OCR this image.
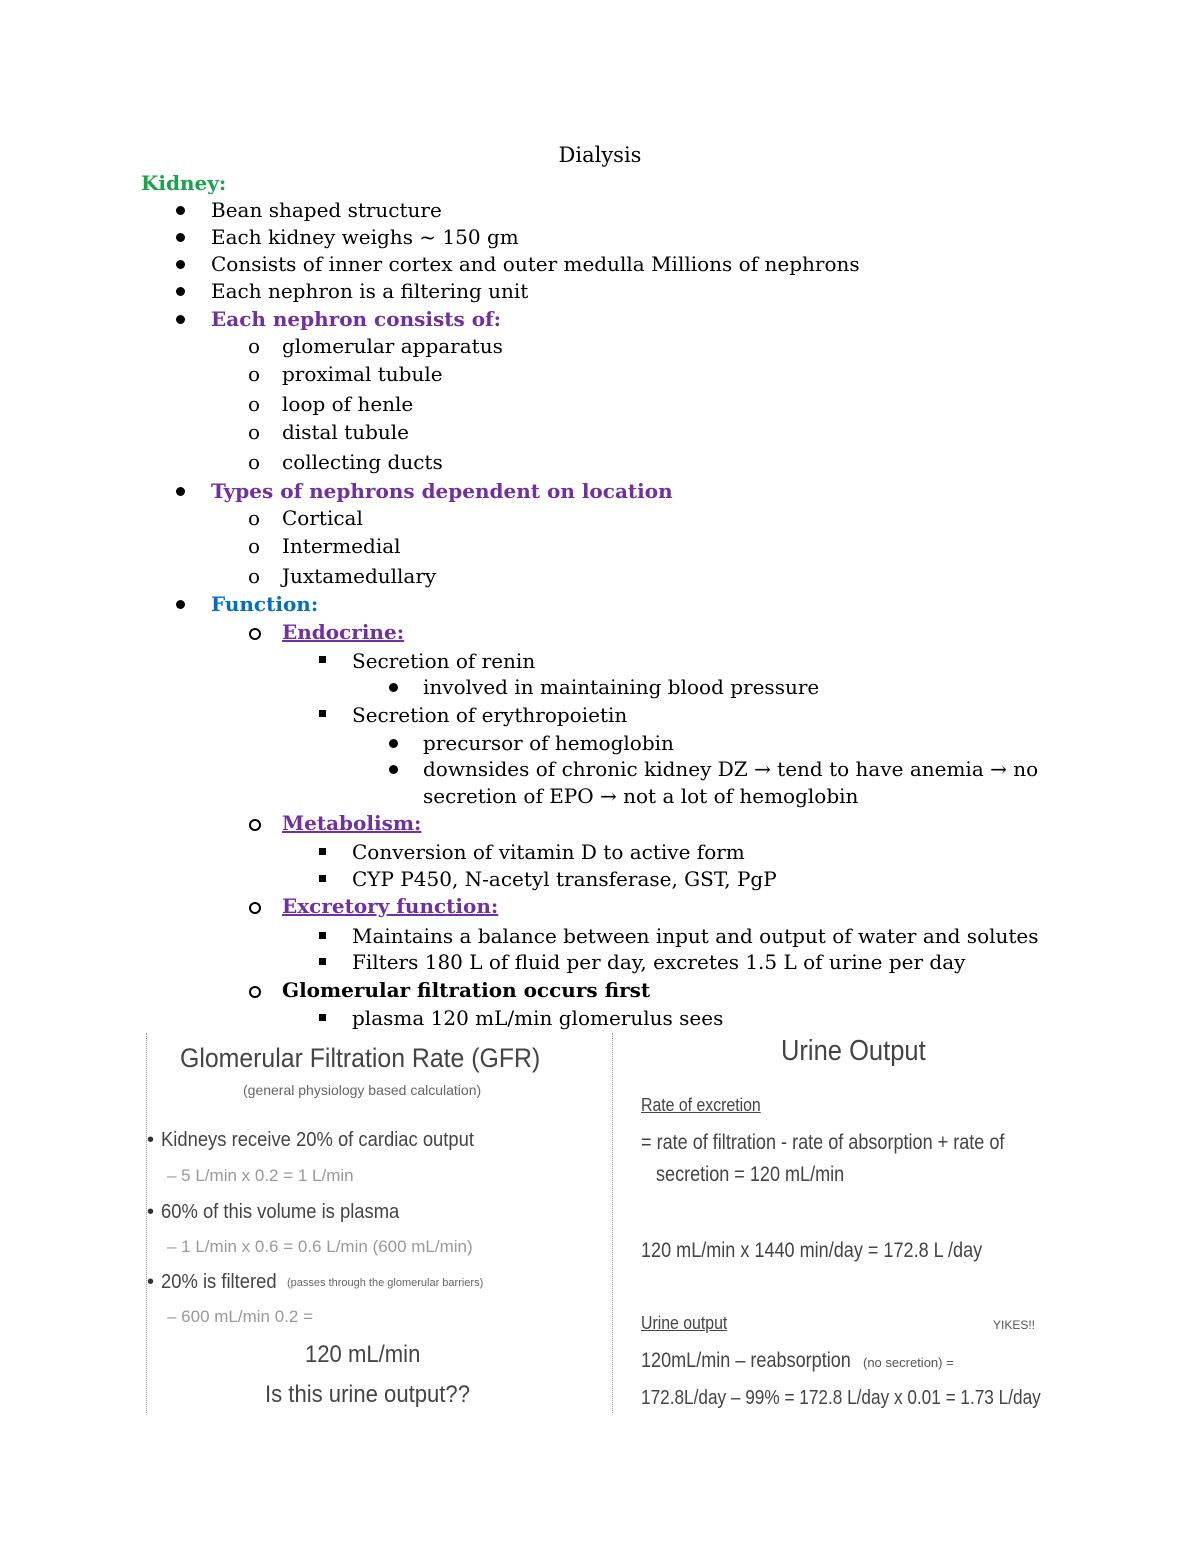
Dialysis
Kidney:
Bean shaped structure
Each kidney weighs ~ 150 gm
Consists of inner cortex and outer medulla Millions of nephrons
Each nephron is a filtering unit
Each nephron consists of:
o glomerular apparatus
o proximal tubule
o loop of henle
o distal tubule
o collecting ducts
Types of nephrons dependent on location
o Cortical
o Intermedial
o Juxtamedullary
Function:
Endocrine:
Secretion of renin
involved in maintaining blood pressure
Secretion of erythropoietin
precursor of hemoglobin
downsides of chronic kidney DZ → tend to have anemia → no
secretion of EPO → not a lot of hemoglobin
Metabolism:
Conversion of vitamin D to active form
CYP P450, N-acetyl transferase, GST, PgP
Excretory function:
Maintains a balance between input and output of water and solutes
Filters 180 L of fluid per day, excretes 1.5 L of urine per day
Glomerular filtration occurs first
plasma 120 mL/min glomerulus sees
Glomerular Filtration Rate (GFR)
(general physiology based calculation)
• Kidneys receive 20% of cardiac output
– 5 L/min x 0.2 = 1 L/min
• 60% of this volume is plasma
– 1 L/min x 0.6 = 0.6 L/min (600 mL/min)
• 20% is filtered (passes through the glomerular barriers)
– 600 mL/min 0.2 =
120 mL/min
Is this urine output??
Urine Output
Rate of excretion
= rate of filtration - rate of absorption + rate of
secretion = 120 mL/min
120 mL/min x 1440 min/day = 172.8 L /day
Urine output	YIKES!!
120mL/min – reabsorption (no secretion) =
172.8L/day – 99% = 172.8 L/day x 0.01 = 1.73 L/day
